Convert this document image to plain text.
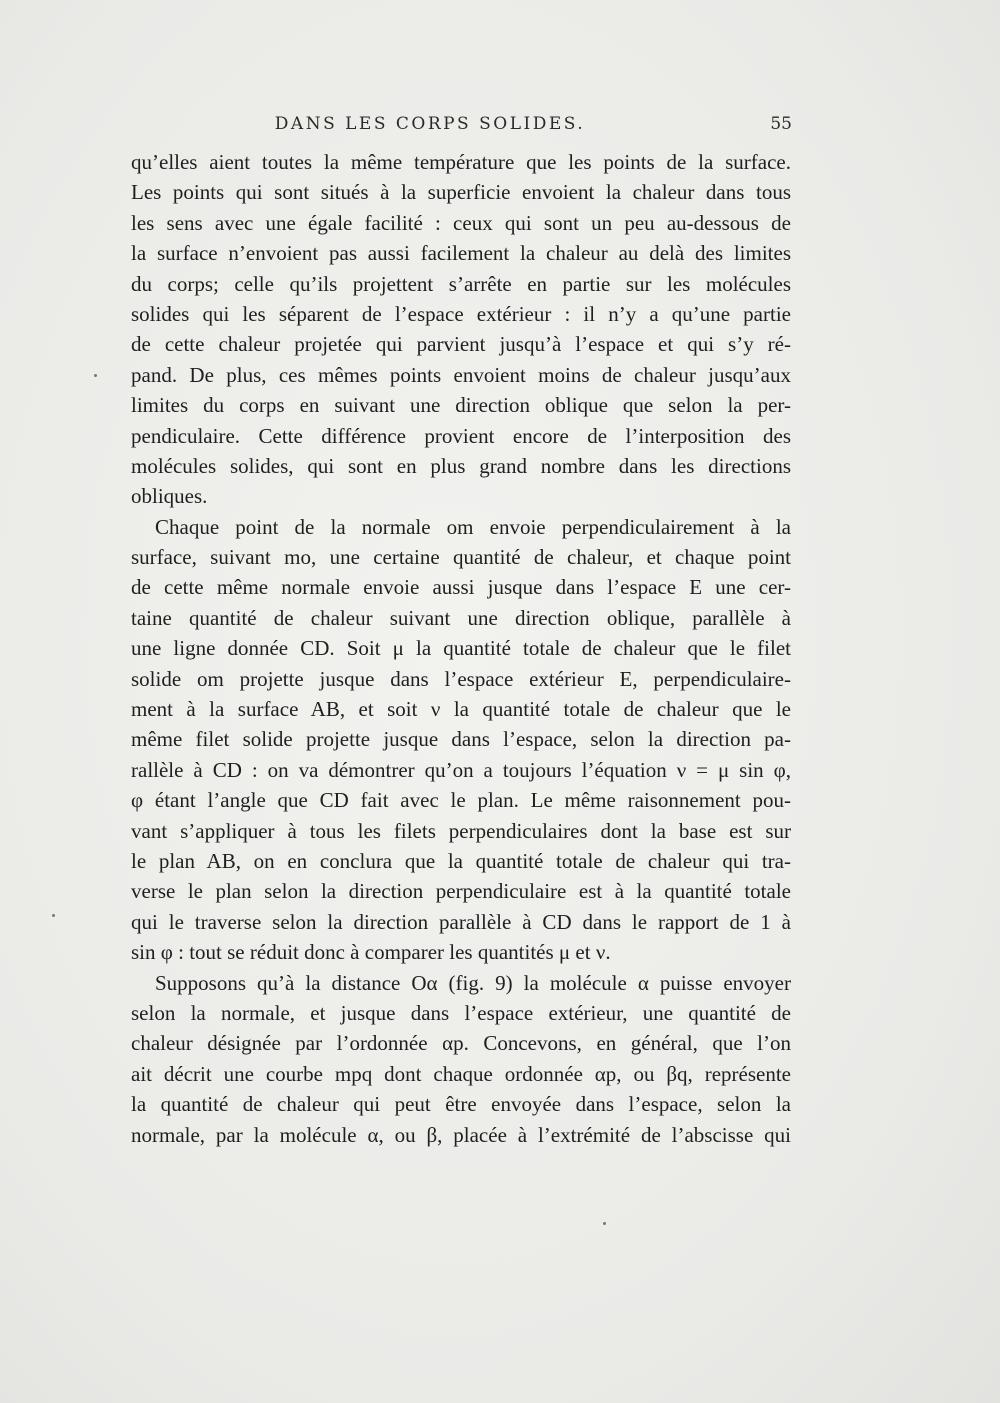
DANS LES CORPS SOLIDES.	55
qu’elles aient toutes la même température que les points de la surface.
Les points qui sont situés à la superficie envoient la chaleur dans tous
les sens avec une égale facilité : ceux qui sont un peu au-dessous de
la surface n’envoient pas aussi facilement la chaleur au delà des limites
du corps; celle qu’ils projettent s’arrête en partie sur les molécules
solides qui les séparent de l’espace extérieur : il n’y a qu’une partie
de cette chaleur projetée qui parvient jusqu’à l’espace et qui s’y ré-
pand. De plus, ces mêmes points envoient moins de chaleur jusqu’aux
limites du corps en suivant une direction oblique que selon la per-
pendiculaire. Cette différence provient encore de l’interposition des
molécules solides, qui sont en plus grand nombre dans les directions
obliques.
Chaque point de la normale om envoie perpendiculairement à la
surface, suivant mo, une certaine quantité de chaleur, et chaque point
de cette même normale envoie aussi jusque dans l’espace E une cer-
taine quantité de chaleur suivant une direction oblique, parallèle à
une ligne donnée CD. Soit μ la quantité totale de chaleur que le filet
solide om projette jusque dans l’espace extérieur E, perpendiculaire-
ment à la surface AB, et soit ν la quantité totale de chaleur que le
même filet solide projette jusque dans l’espace, selon la direction pa-
rallèle à CD : on va démontrer qu’on a toujours l’équation ν = μ sin φ,
φ étant l’angle que CD fait avec le plan. Le même raisonnement pou-
vant s’appliquer à tous les filets perpendiculaires dont la base est sur
le plan AB, on en conclura que la quantité totale de chaleur qui tra-
verse le plan selon la direction perpendiculaire est à la quantité totale
qui le traverse selon la direction parallèle à CD dans le rapport de 1 à
sin φ : tout se réduit donc à comparer les quantités μ et ν.
Supposons qu’à la distance Oα (fig. 9) la molécule α puisse envoyer
selon la normale, et jusque dans l’espace extérieur, une quantité de
chaleur désignée par l’ordonnée αp. Concevons, en général, que l’on
ait décrit une courbe mpq dont chaque ordonnée αp, ou βq, représente
la quantité de chaleur qui peut être envoyée dans l’espace, selon la
normale, par la molécule α, ou β, placée à l’extrémité de l’abscisse qui
